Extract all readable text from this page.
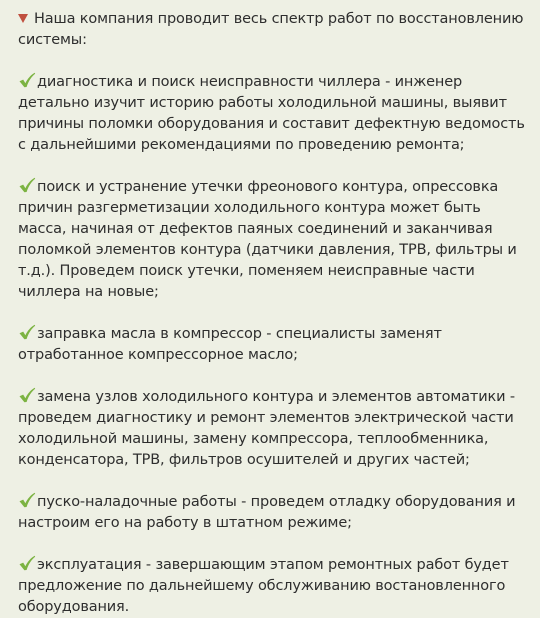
Наша компания проводит весь спектр работ по восстановлению системы:

диагностика и поиск неисправности чиллера - инженер детально изучит историю работы холодильной машины, выявит причины поломки оборудования и составит дефектную ведомость с дальнейшими рекомендациями по проведению ремонта;

поиск и устранение утечки фреонового контура, опрессовка причин разгерметизации холодильного контура может быть масса, начиная от дефектов паяных соединений и заканчивая поломкой элементов контура (датчики давления, ТРВ, фильтры и т.д.). Проведем поиск утечки, поменяем неисправные части чиллера на новые;

заправка масла в компрессор - специалисты заменят отработанное компрессорное масло;

замена узлов холодильного контура и элементов автоматики - проведем диагностику и ремонт элементов электрической части холодильной машины, замену компрессора, теплообменника, конденсатора, ТРВ, фильтров осушителей и других частей;

пуско-наладочные работы - проведем отладку оборудования и настроим его на работу в штатном режиме;

эксплуатация - завершающим этапом ремонтных работ будет предложение по дальнейшему обслуживанию востановленного оборудования.
